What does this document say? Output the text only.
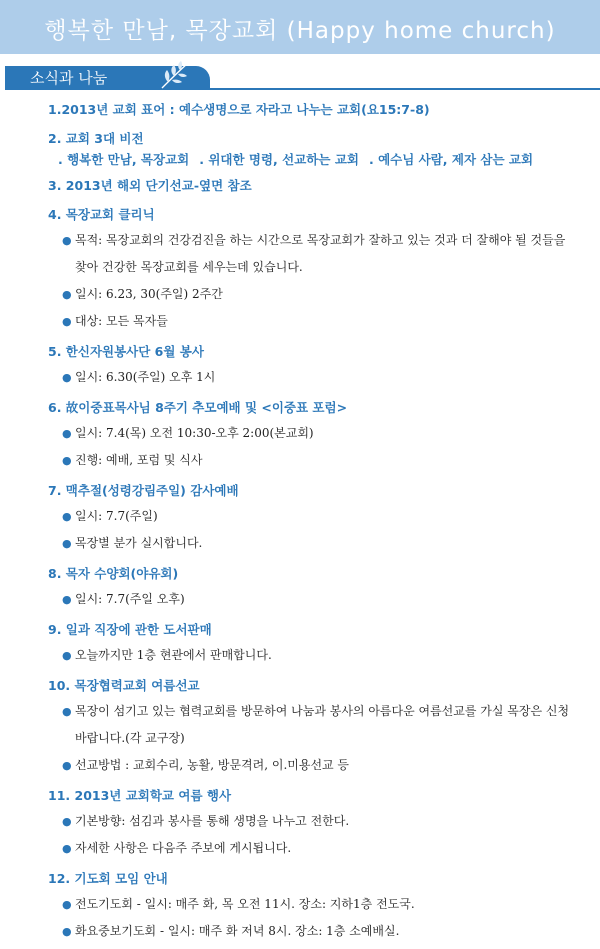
행복한 만남, 목장교회 (Happy home church)
소식과 나눔
1.2013년 교회 표어 : 예수생명으로 자라고 나누는 교회(요15:7-8)
2. 교회 3대 비전
. 행복한 만남, 목장교회 . 위대한 명령, 선교하는 교회 . 예수님 사람, 제자 삼는 교회
3. 2013년 해외 단기선교-옆면 참조
4. 목장교회 클리닉
● 목적: 목장교회의 건강검진을 하는 시간으로 목장교회가 잘하고 있는 것과 더 잘해야 될 것들을 찾아 건강한 목장교회를 세우는데 있습니다.
● 일시: 6.23, 30(주일) 2주간
● 대상: 모든 목자들
5. 한신자원봉사단 6월 봉사
● 일시: 6.30(주일) 오후 1시
6. 故이중표목사님 8주기 추모예배 및 <이중표 포럼>
● 일시: 7.4(목) 오전 10:30-오후 2:00(본교회)
● 진행: 예배, 포럼 및 식사
7. 맥추절(성령강림주일) 감사예배
● 일시: 7.7(주일)
● 목장별 분가 실시합니다.
8. 목자 수양회(야유회)
● 일시: 7.7(주일 오후)
9. 일과 직장에 관한 도서판매
● 오늘까지만 1층 현관에서 판매합니다.
10. 목장협력교회 여름선교
● 목장이 섬기고 있는 협력교회를 방문하여 나눔과 봉사의 아름다운 여름선교를 가실 목장은 신청 바랍니다.(각 교구장)
● 선교방법 : 교회수리, 농활, 방문격려, 이.미용선교 등
11. 2013년 교회학교 여름 행사
● 기본방향: 섬김과 봉사를 통해 생명을 나누고 전한다.
● 자세한 사항은 다음주 주보에 게시됩니다.
12. 기도회 모임 안내
● 전도기도회 - 일시: 매주 화, 목 오전 11시. 장소: 지하1층 전도국.
● 화요중보기도회 - 일시: 매주 화 저녁 8시. 장소: 1층 소예배실.
